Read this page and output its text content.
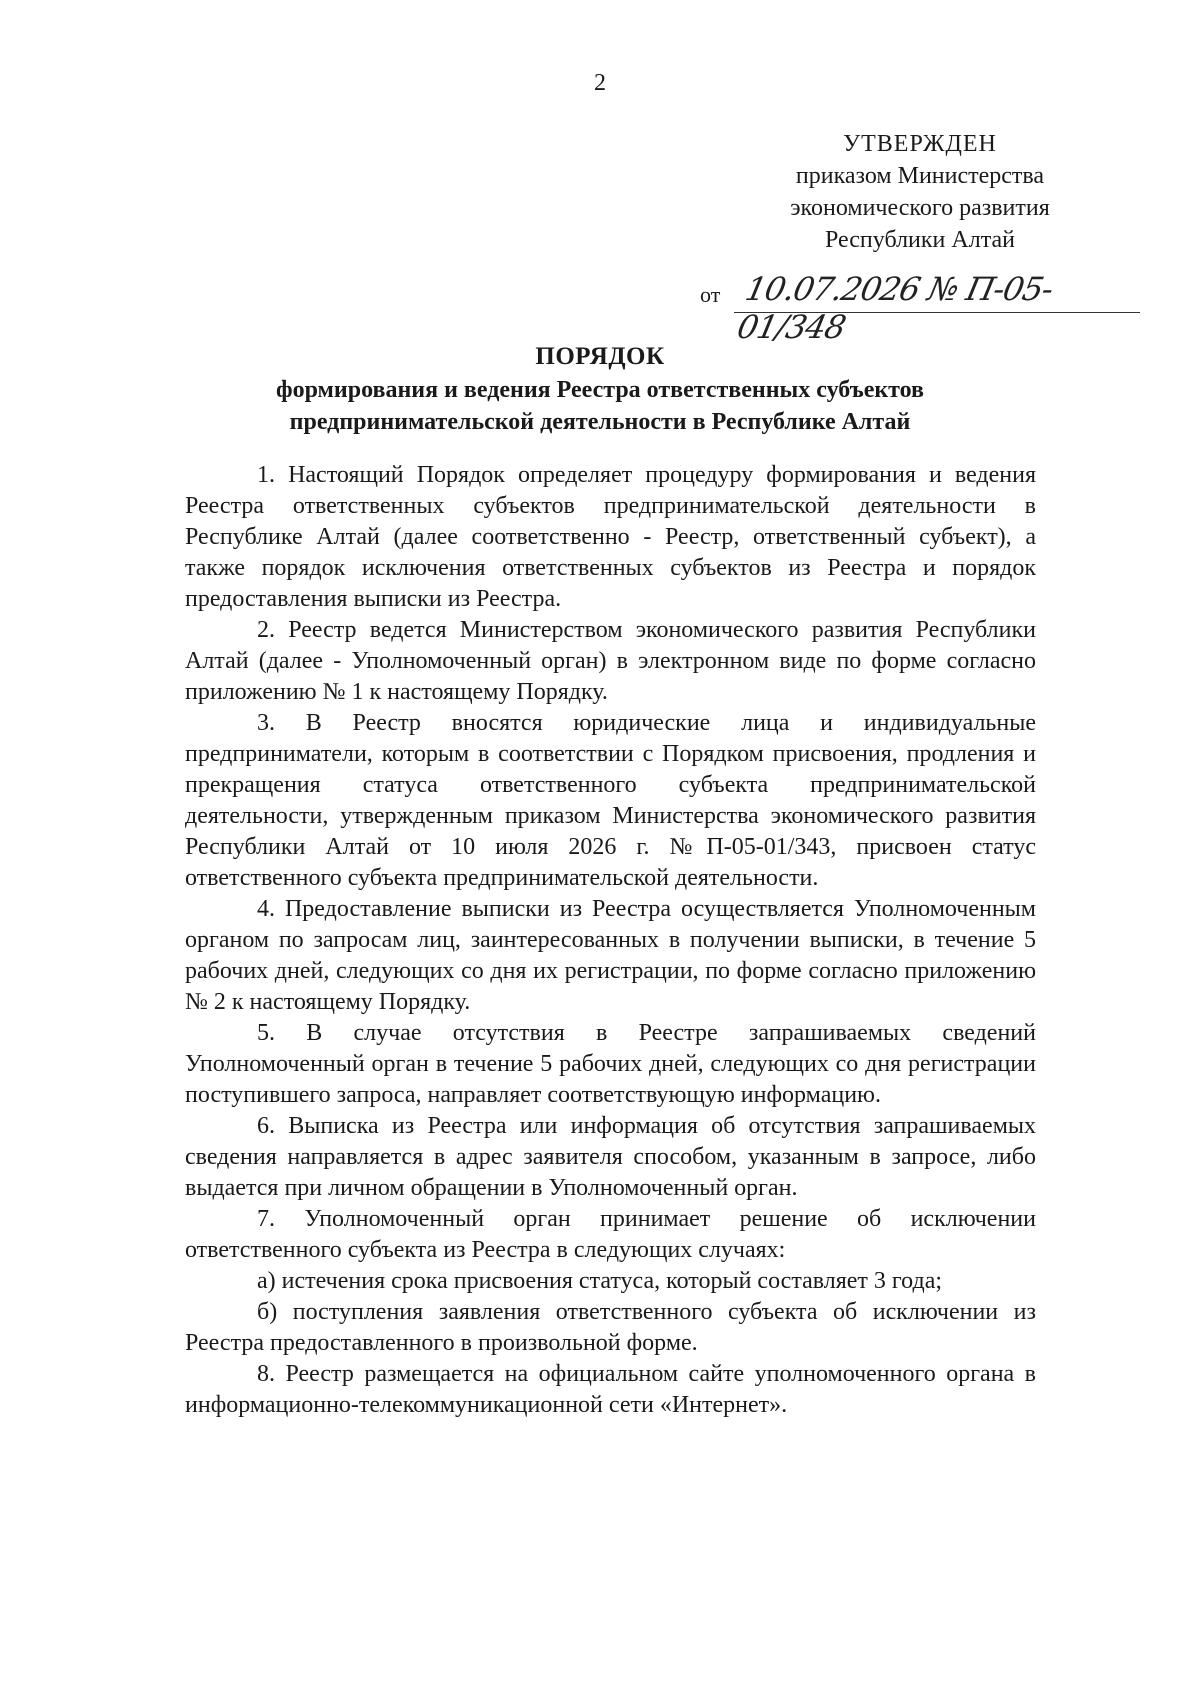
2
УТВЕРЖДЕН
приказом Министерства
экономического развития
Республики Алтай
от 10.07.2026 № П-05-01/348
ПОРЯДОК
формирования и ведения Реестра ответственных субъектов
предпринимательской деятельности в Республике Алтай

1. Настоящий Порядок определяет процедуру формирования и ведения Реестра ответственных субъектов предпринимательской деятельности в Республике Алтай (далее соответственно - Реестр, ответственный субъект), а также порядок исключения ответственных субъектов из Реестра и порядок предоставления выписки из Реестра.

2. Реестр ведется Министерством экономического развития Республики Алтай (далее - Уполномоченный орган) в электронном виде по форме согласно приложению № 1 к настоящему Порядку.

3. В Реестр вносятся юридические лица и индивидуальные предприниматели, которым в соответствии с Порядком присвоения, продления и прекращения статуса ответственного субъекта предпринимательской деятельности, утвержденным приказом Министерства экономического развития Республики Алтай от 10 июля 2026 г. №П-05-01/343, присвоен статус ответственного субъекта предпринимательской деятельности.

4. Предоставление выписки из Реестра осуществляется Уполномоченным органом по запросам лиц, заинтересованных в получении выписки, в течение 5 рабочих дней, следующих со дня их регистрации, по форме согласно приложению № 2 к настоящему Порядку.

5. В случае отсутствия в Реестре запрашиваемых сведений Уполномоченный орган в течение 5 рабочих дней, следующих со дня регистрации поступившего запроса, направляет соответствующую информацию.

6. Выписка из Реестра или информация об отсутствия запрашиваемых сведения направляется в адрес заявителя способом, указанным в запросе, либо выдается при личном обращении в Уполномоченный орган.

7. Уполномоченный орган принимает решение об исключении ответственного субъекта из Реестра в следующих случаях:

а) истечения срока присвоения статуса, который составляет 3 года;

б) поступления заявления ответственного субъекта об исключении из Реестра предоставленного в произвольной форме.

8. Реестр размещается на официальном сайте уполномоченного органа в информационно-телекоммуникационной сети «Интернет».
